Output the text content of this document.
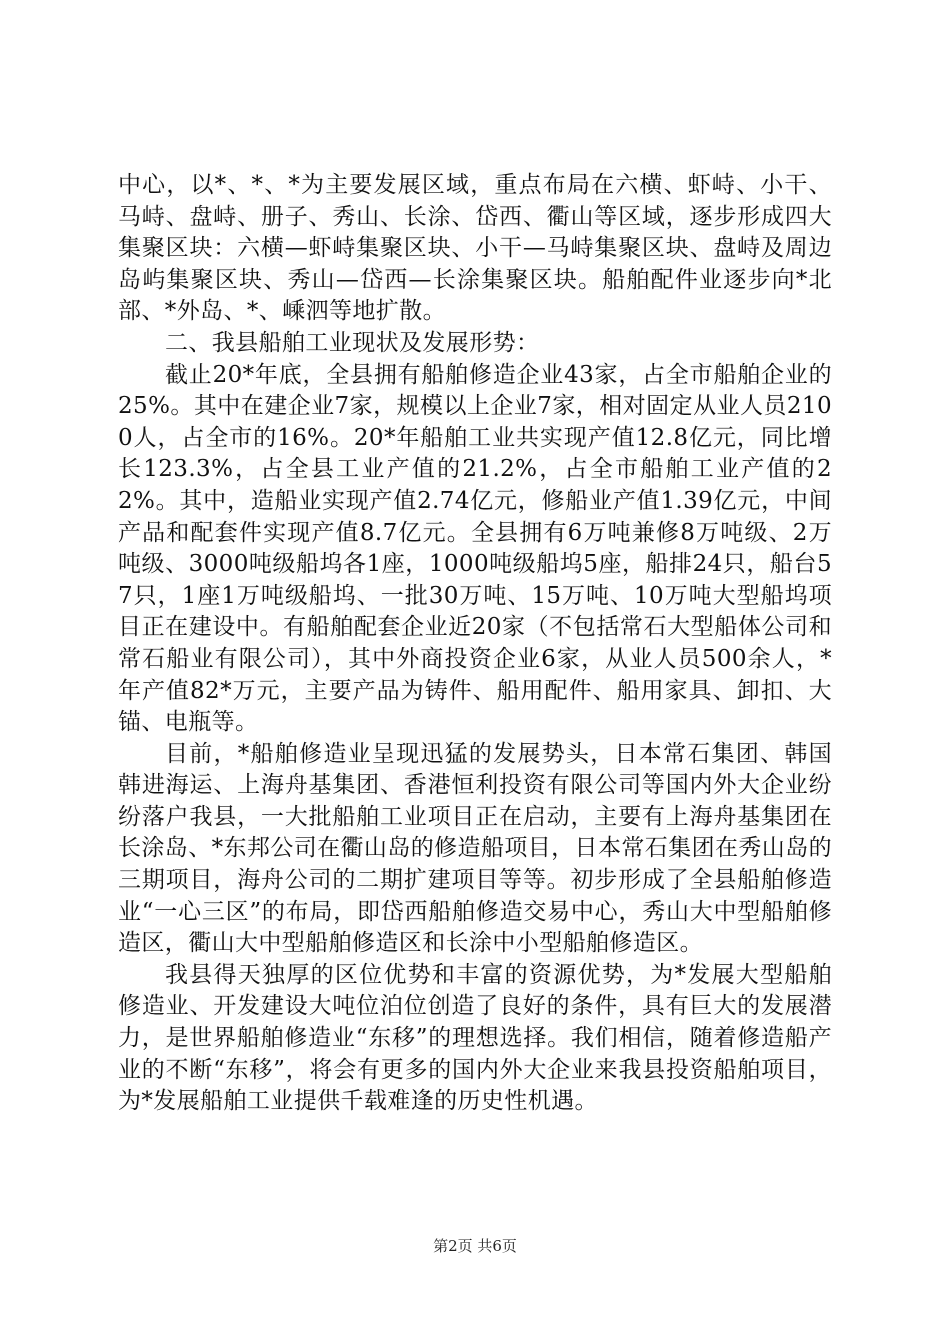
中心，以*、*、*为主要发展区域，重点布局在六横、虾峙、小干、马峙、盘峙、册子、秀山、长涂、岱西、衢山等区域，逐步形成四大集聚区块：六横—虾峙集聚区块、小干—马峙集聚区块、盘峙及周边岛屿集聚区块、秀山—岱西—长涂集聚区块。船舶配件业逐步向*北部、*外岛、*、嵊泗等地扩散。

二、我县船舶工业现状及发展形势：

截止20*年底，全县拥有船舶修造企业43家，占全市船舶企业的25%。其中在建企业7家，规模以上企业7家，相对固定从业人员2100人，占全市的16%。20*年船舶工业共实现产值12.8亿元，同比增长123.3%，占全县工业产值的21.2%，占全市船舶工业产值的22%。其中，造船业实现产值2.74亿元，修船业产值1.39亿元，中间产品和配套件实现产值8.7亿元。全县拥有6万吨兼修8万吨级、2万吨级、3000吨级船坞各1座，1000吨级船坞5座，船排24只，船台57只，1座1万吨级船坞、一批30万吨、15万吨、10万吨大型船坞项目正在建设中。有船舶配套企业近20家（不包括常石大型船体公司和常石船业有限公司），其中外商投资企业6家，从业人员500余人，*年产值82*万元，主要产品为铸件、船用配件、船用家具、卸扣、大锚、电瓶等。

目前，*船舶修造业呈现迅猛的发展势头，日本常石集团、韩国韩进海运、上海舟基集团、香港恒利投资有限公司等国内外大企业纷纷落户我县，一大批船舶工业项目正在启动，主要有上海舟基集团在长涂岛、*东邦公司在衢山岛的修造船项目，日本常石集团在秀山岛的三期项目，海舟公司的二期扩建项目等等。初步形成了全县船舶修造业“一心三区”的布局，即岱西船舶修造交易中心，秀山大中型船舶修造区，衢山大中型船舶修造区和长涂中小型船舶修造区。

我县得天独厚的区位优势和丰富的资源优势，为*发展大型船舶修造业、开发建设大吨位泊位创造了良好的条件，具有巨大的发展潜力，是世界船舶修造业“东移”的理想选择。我们相信，随着修造船产业的不断“东移”，将会有更多的国内外大企业来我县投资船舶项目，为*发展船舶工业提供千载难逢的历史性机遇。

第2页 共6页
